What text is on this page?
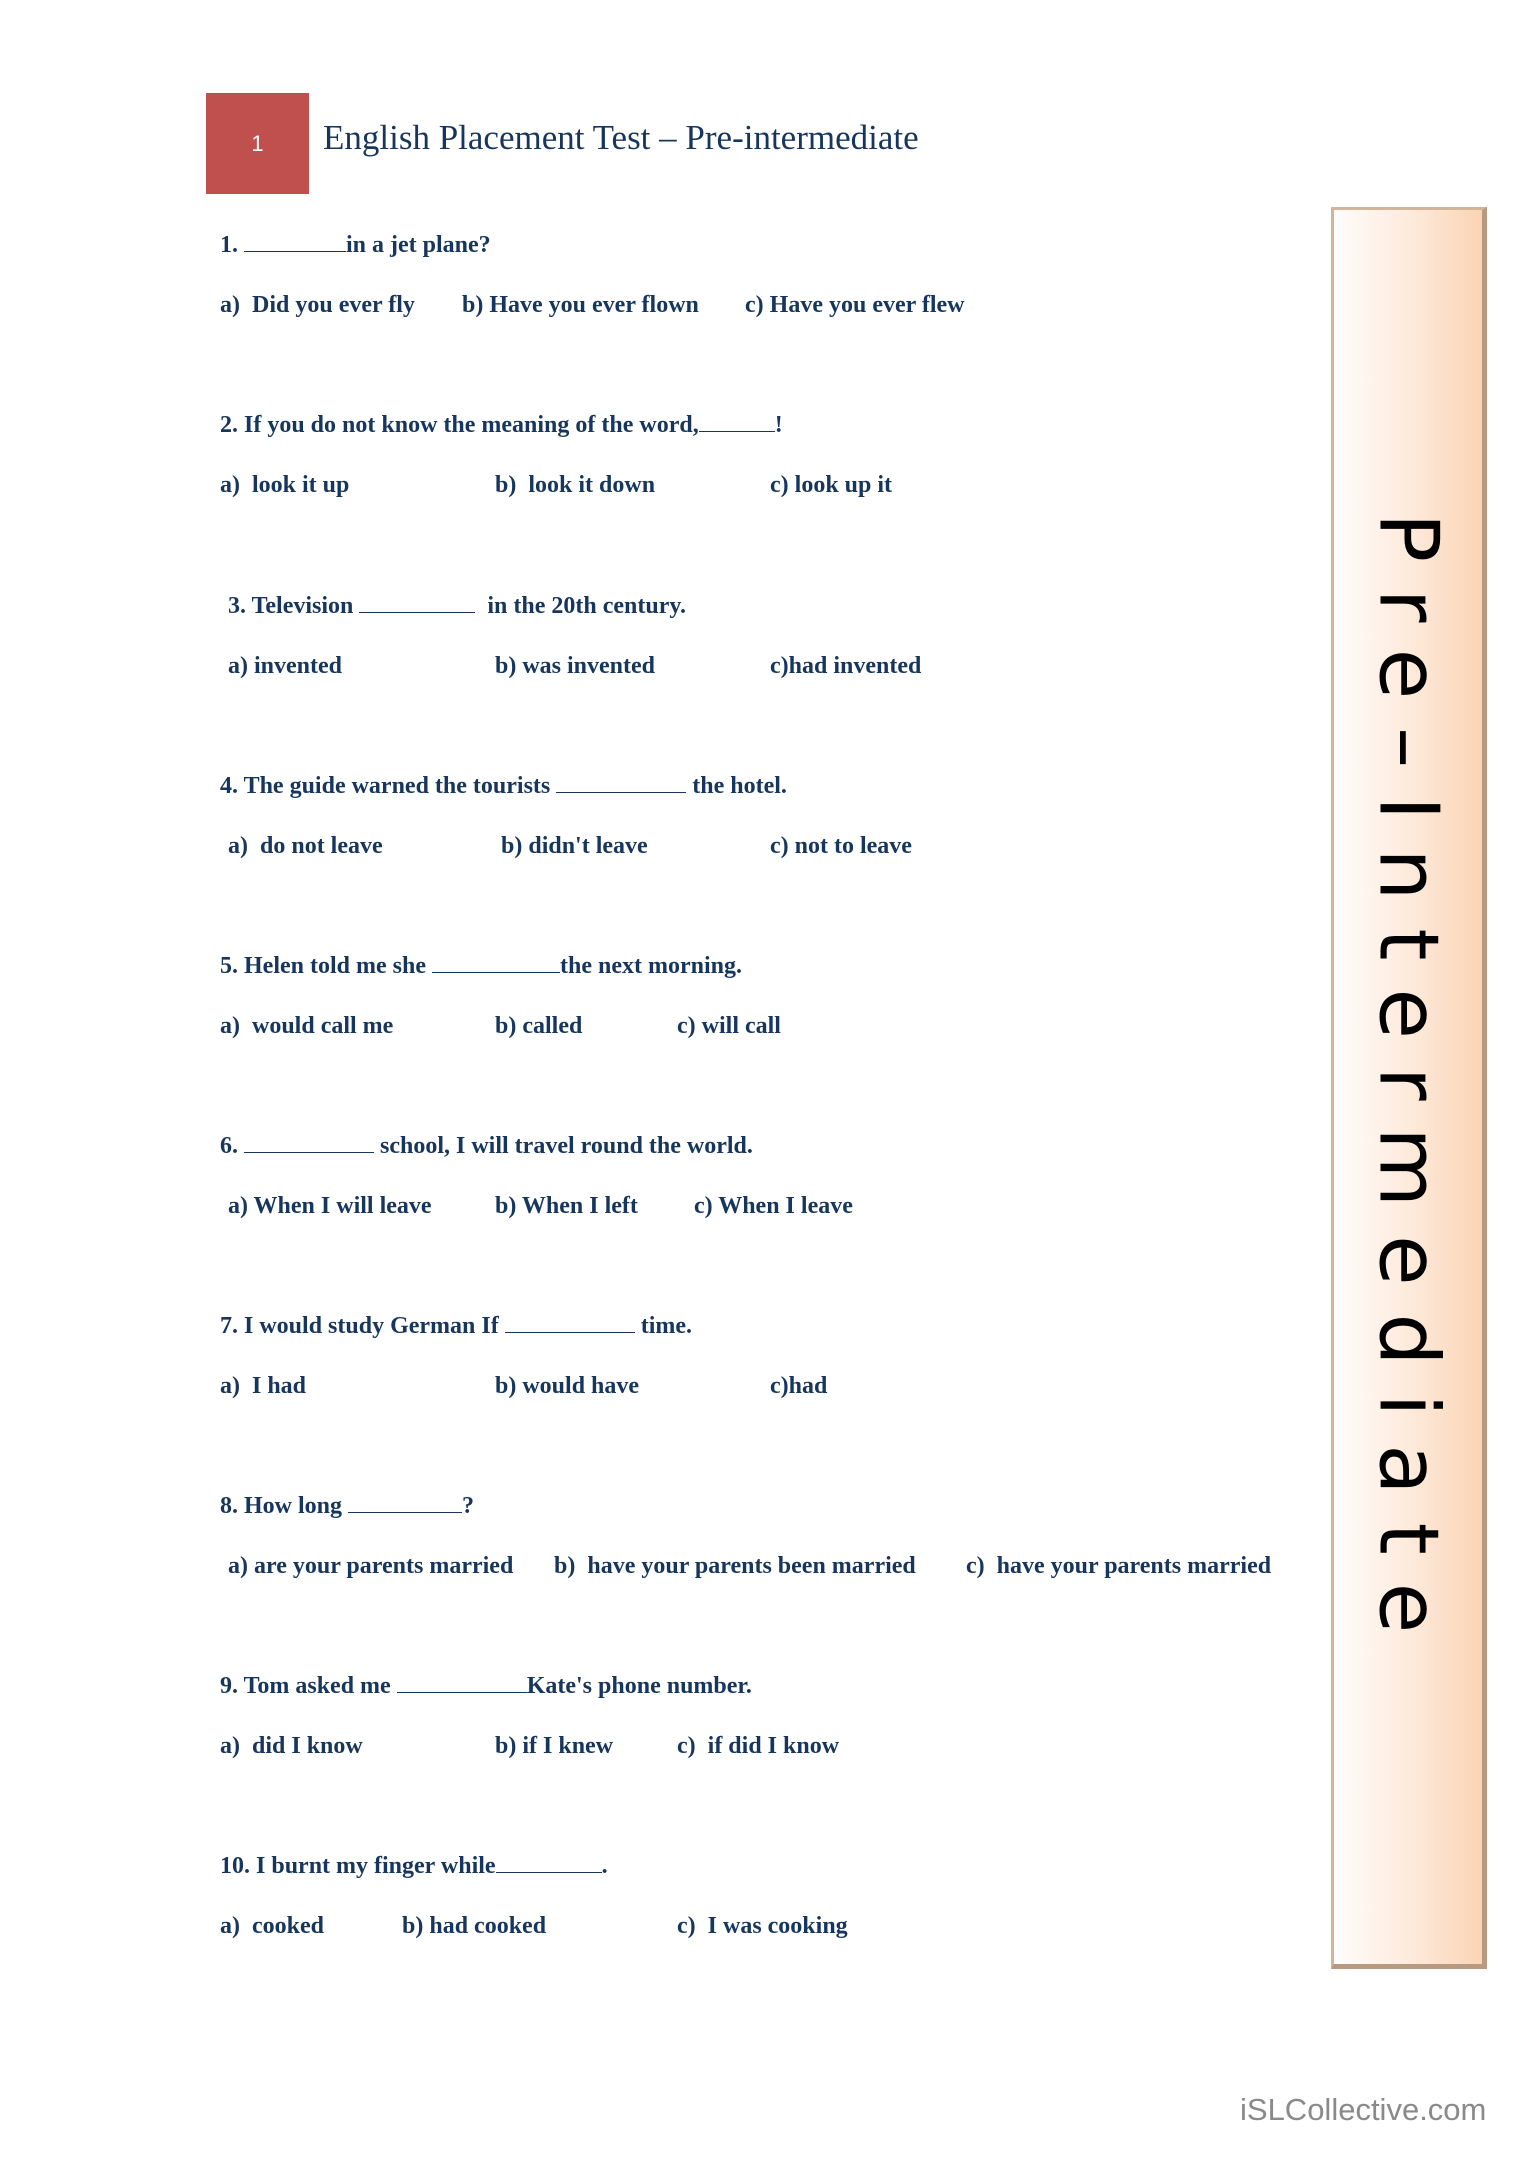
1 English Placement Test – Pre-intermediate
Pre–Intermediate
1.	in a jet plane?
a)  Did you ever fly b) Have you ever flown c) Have you ever flew
2. If you do not know the meaning of the word,	!
a)  look it up	b)  look it down	c) look up it
3. Television	in the 20th century.
a) invented	b) was invented	c)had invented
4. The guide warned the tourists	the hotel.
a)  do not leave	b) didn't leave	c) not to leave
5. Helen told me she	the next morning.
a)  would call me	b) called	c) will call
6.	school, I will travel round the world.
a) When I will leave	b) When I left c) When I leave
7. I would study German If	time.
a)  I had	b) would have	c)had
8. How long	?
a) are your parents married b)  have your parents been married c)  have your parents married
9. Tom asked me	Kate's phone number.
a)  did I know	b) if I knew	c)  if did I know
10. I burnt my finger while	.
a)  cooked	b) had cooked	c)  I was cooking
iSLCollective.com
